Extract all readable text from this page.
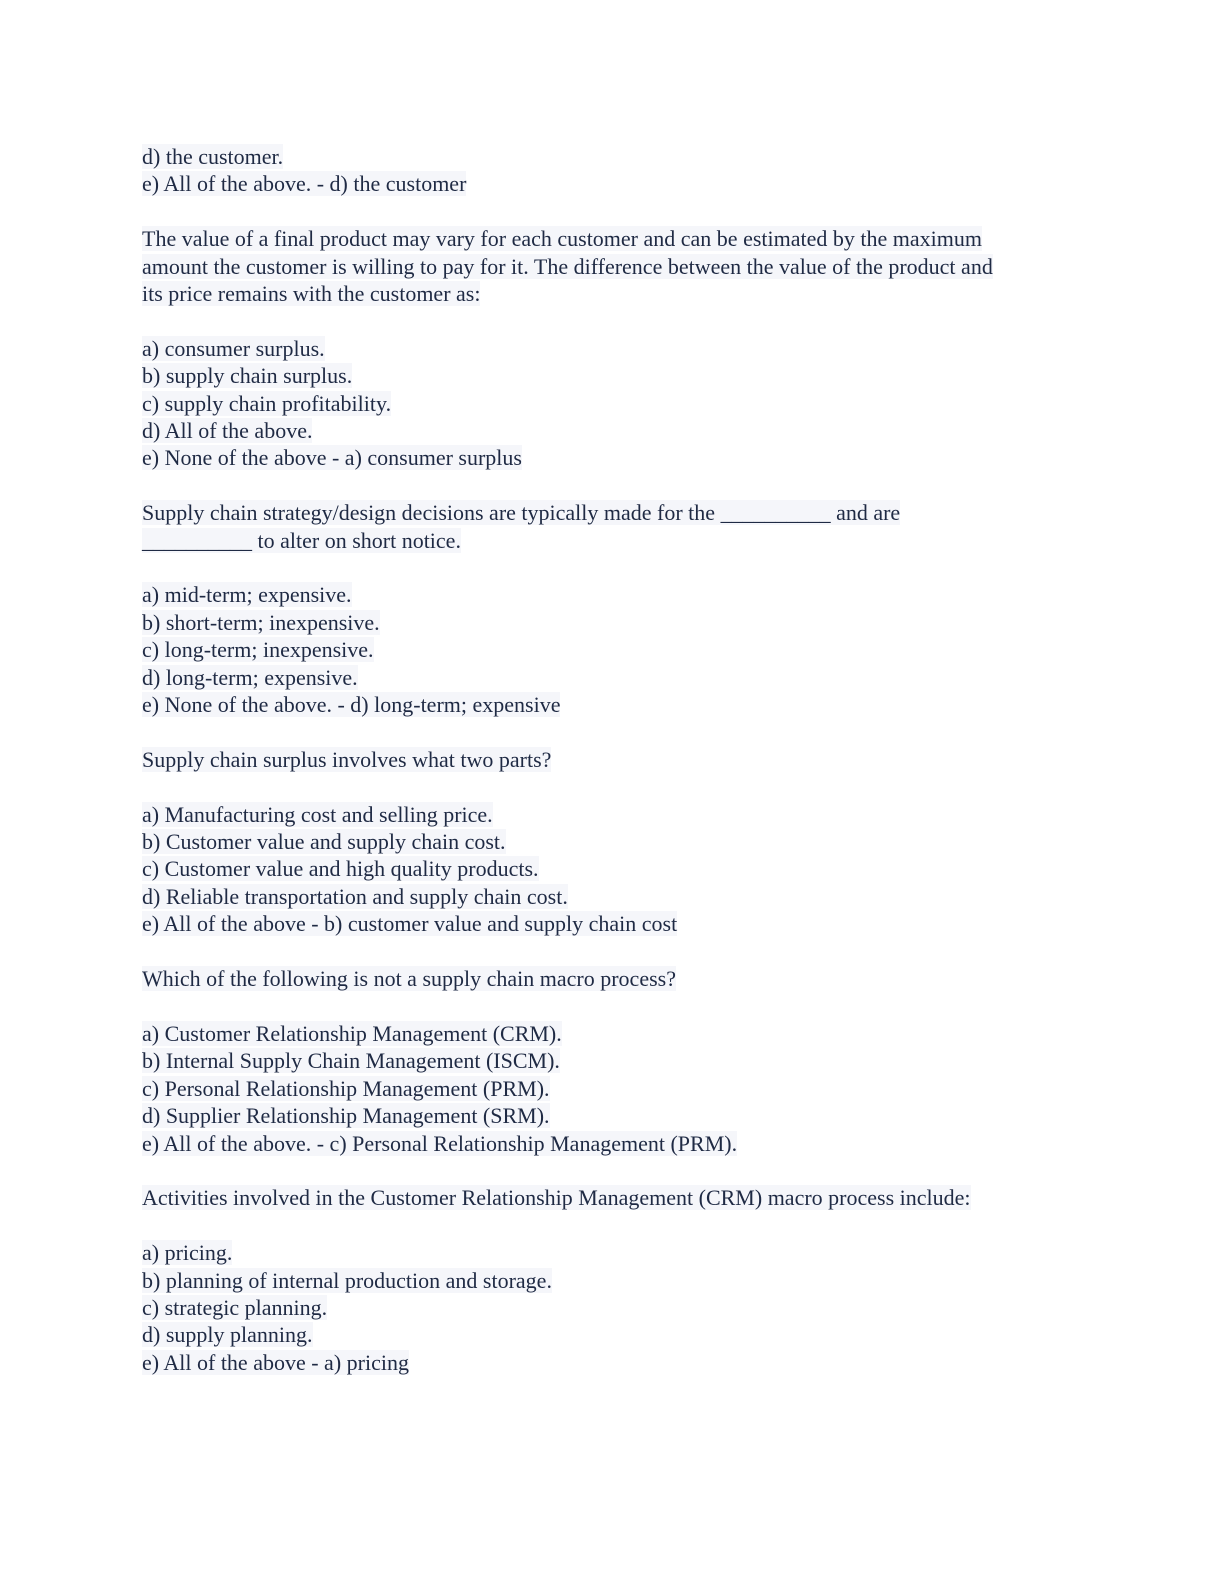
d) the customer.
e) All of the above. - d) the customer
The value of a final product may vary for each customer and can be estimated by the maximum
amount the customer is willing to pay for it. The difference between the value of the product and
its price remains with the customer as:
a) consumer surplus.
b) supply chain surplus.
c) supply chain profitability.
d) All of the above.
e) None of the above - a) consumer surplus
Supply chain strategy/design decisions are typically made for the __________ and are
__________ to alter on short notice.
a) mid-term; expensive.
b) short-term; inexpensive.
c) long-term; inexpensive.
d) long-term; expensive.
e) None of the above. - d) long-term; expensive
Supply chain surplus involves what two parts?
a) Manufacturing cost and selling price.
b) Customer value and supply chain cost.
c) Customer value and high quality products.
d) Reliable transportation and supply chain cost.
e) All of the above - b) customer value and supply chain cost
Which of the following is not a supply chain macro process?
a) Customer Relationship Management (CRM).
b) Internal Supply Chain Management (ISCM).
c) Personal Relationship Management (PRM).
d) Supplier Relationship Management (SRM).
e) All of the above. - c) Personal Relationship Management (PRM).
Activities involved in the Customer Relationship Management (CRM) macro process include:
a) pricing.
b) planning of internal production and storage.
c) strategic planning.
d) supply planning.
e) All of the above - a) pricing
